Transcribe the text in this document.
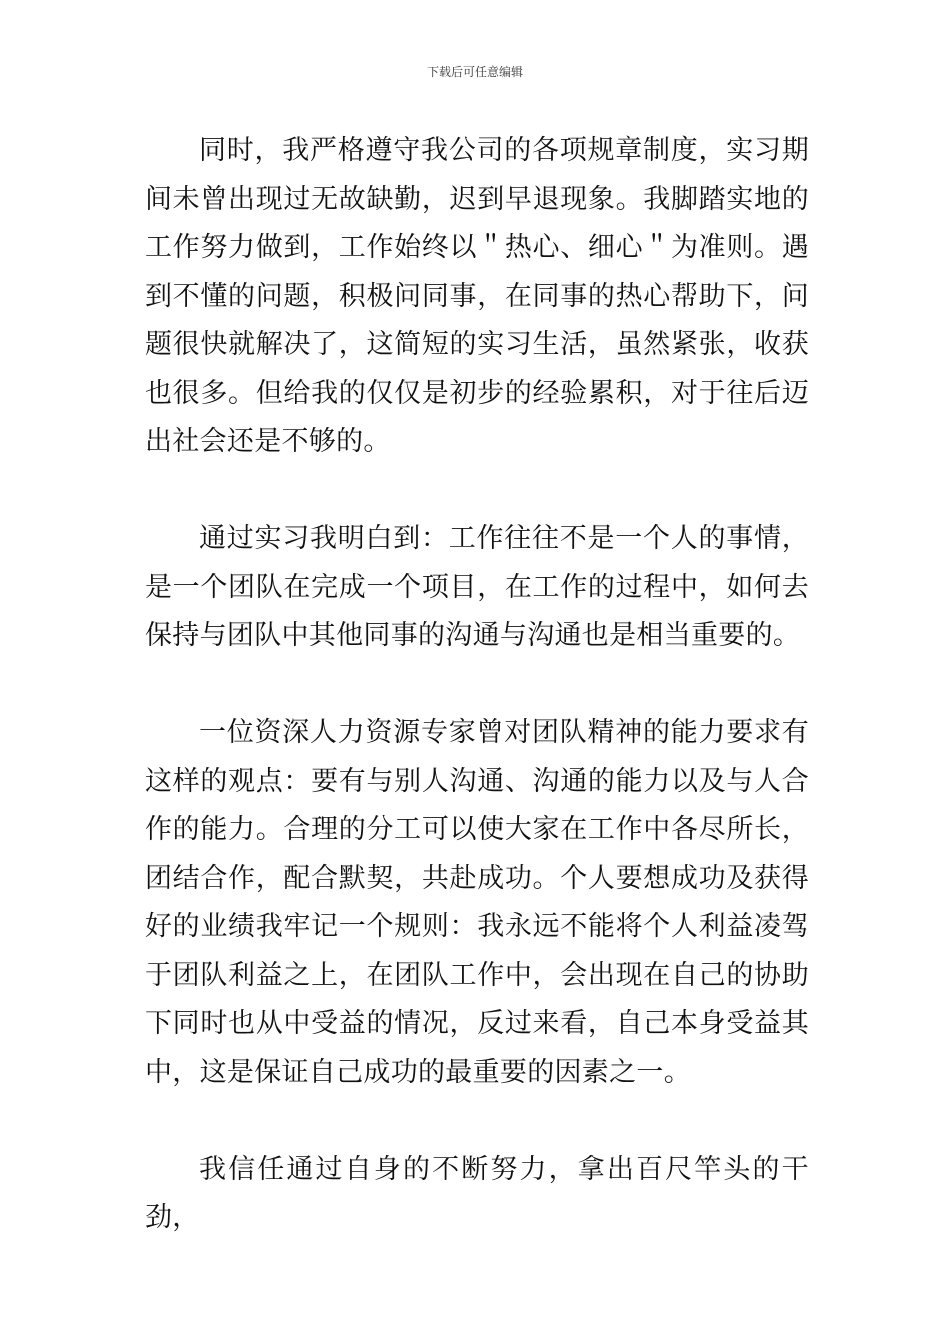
下载后可任意编辑

同时，我严格遵守我公司的各项规章制度，实习期间未曾出现过无故缺勤，迟到早退现象。我脚踏实地的工作努力做到，工作始终以＂热心、细心＂为准则。遇到不懂的问题，积极问同事，在同事的热心帮助下，问题很快就解决了，这简短的实习生活，虽然紧张，收获也很多。但给我的仅仅是初步的经验累积，对于往后迈出社会还是不够的。

通过实习我明白到：工作往往不是一个人的事情，是一个团队在完成一个项目，在工作的过程中，如何去保持与团队中其他同事的沟通与沟通也是相当重要的。

一位资深人力资源专家曾对团队精神的能力要求有这样的观点：要有与别人沟通、沟通的能力以及与人合作的能力。合理的分工可以使大家在工作中各尽所长，团结合作，配合默契，共赴成功。个人要想成功及获得好的业绩我牢记一个规则：我永远不能将个人利益凌驾于团队利益之上，在团队工作中，会出现在自己的协助下同时也从中受益的情况，反过来看，自己本身受益其中，这是保证自己成功的最重要的因素之一。

我信任通过自身的不断努力，拿出百尺竿头的干劲，
